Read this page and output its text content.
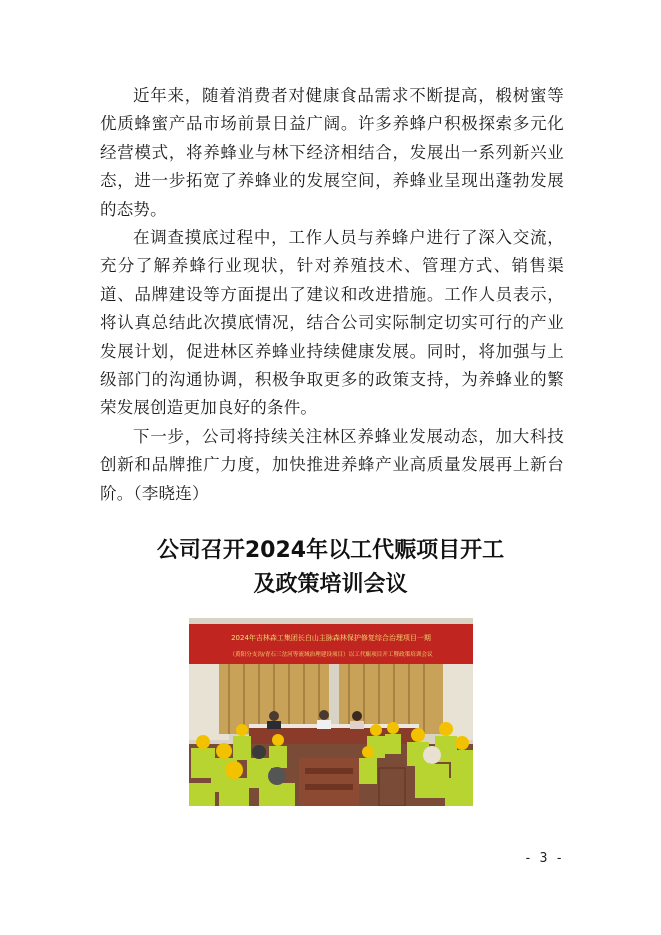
近年来，随着消费者对健康食品需求不断提高，椴树蜜等优质蜂蜜产品市场前景日益广阔。许多养蜂户积极探索多元化经营模式，将养蜂业与林下经济相结合，发展出一系列新兴业态，进一步拓宽了养蜂业的发展空间，养蜂业呈现出蓬勃发展的态势。

在调查摸底过程中，工作人员与养蜂户进行了深入交流，充分了解养蜂行业现状，针对养殖技术、管理方式、销售渠道、品牌建设等方面提出了建议和改进措施。工作人员表示，将认真总结此次摸底情况，结合公司实际制定切实可行的产业发展计划，促进林区养蜂业持续健康发展。同时，将加强与上级部门的沟通协调，积极争取更多的政策支持，为养蜂业的繁荣发展创造更加良好的条件。

下一步，公司将持续关注林区养蜂业发展动态，加大科技创新和品牌推广力度，加快推进养蜂产业高质量发展再上新台阶。（李晓连）

公司召开2024年以工代赈项目开工
及政策培训会议
2024年吉林森工集团长白山主脉森林保护修复综合治理项目一期
（黄阳分支沟/青石三岔河等流域治理建设项目）以工代赈项目开工暨政策培训会议
- 3 -
